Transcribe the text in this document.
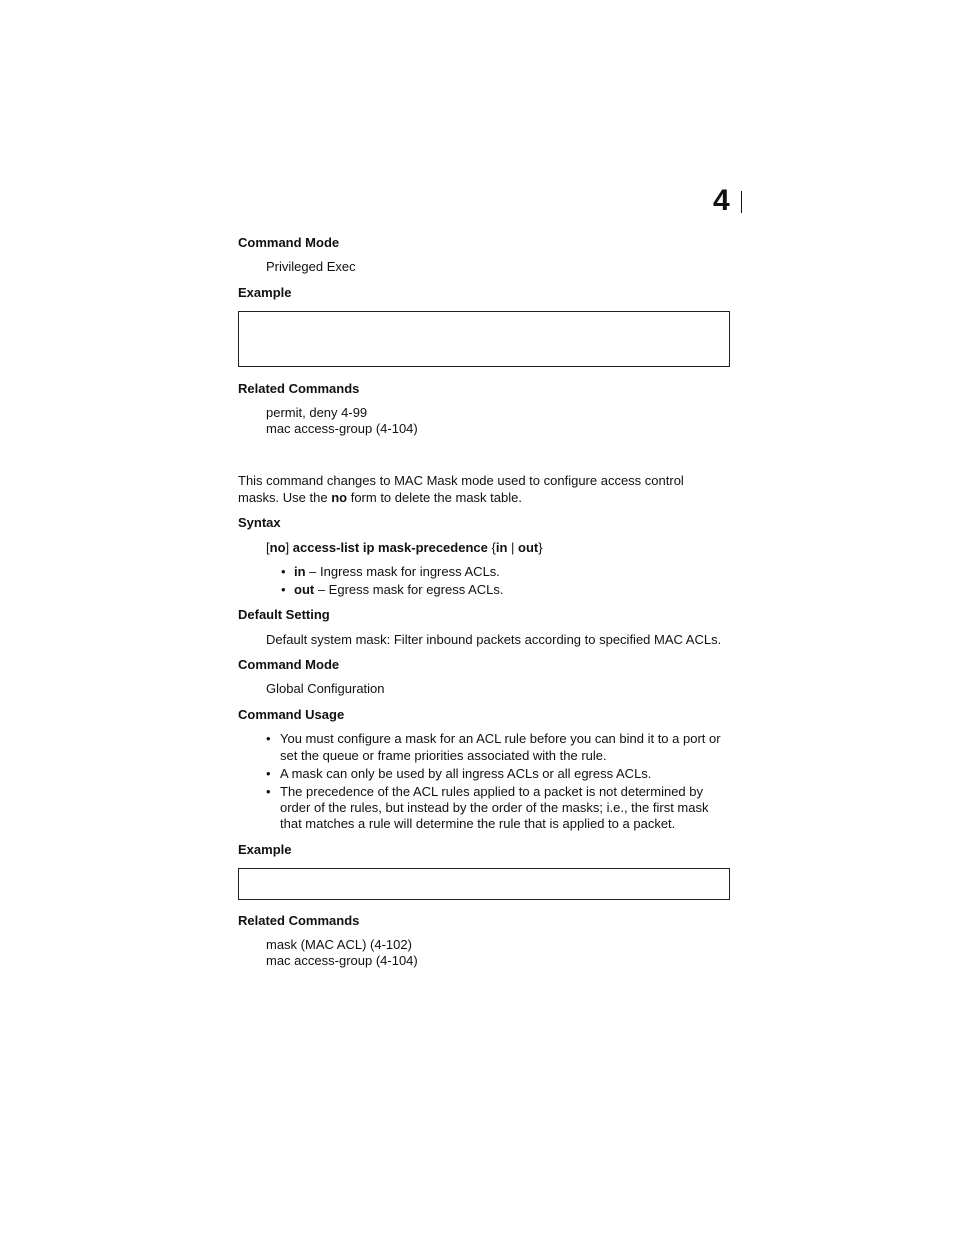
4
Command Mode
Privileged Exec
Example
Related Commands
permit, deny 4-99
mac access-group (4-104)
This command changes to MAC Mask mode used to configure access control
masks. Use the no form to delete the mask table.
Syntax
[no] access-list ip mask-precedence {in | out}
• in – Ingress mask for ingress ACLs.
• out – Egress mask for egress ACLs.
Default Setting
Default system mask: Filter inbound packets according to specified MAC ACLs.
Command Mode
Global Configuration
Command Usage
• You must configure a mask for an ACL rule before you can bind it to a port or
set the queue or frame priorities associated with the rule.
• A mask can only be used by all ingress ACLs or all egress ACLs.
• The precedence of the ACL rules applied to a packet is not determined by
order of the rules, but instead by the order of the masks; i.e., the first mask
that matches a rule will determine the rule that is applied to a packet.
Example
Related Commands
mask (MAC ACL) (4-102)
mac access-group (4-104)
